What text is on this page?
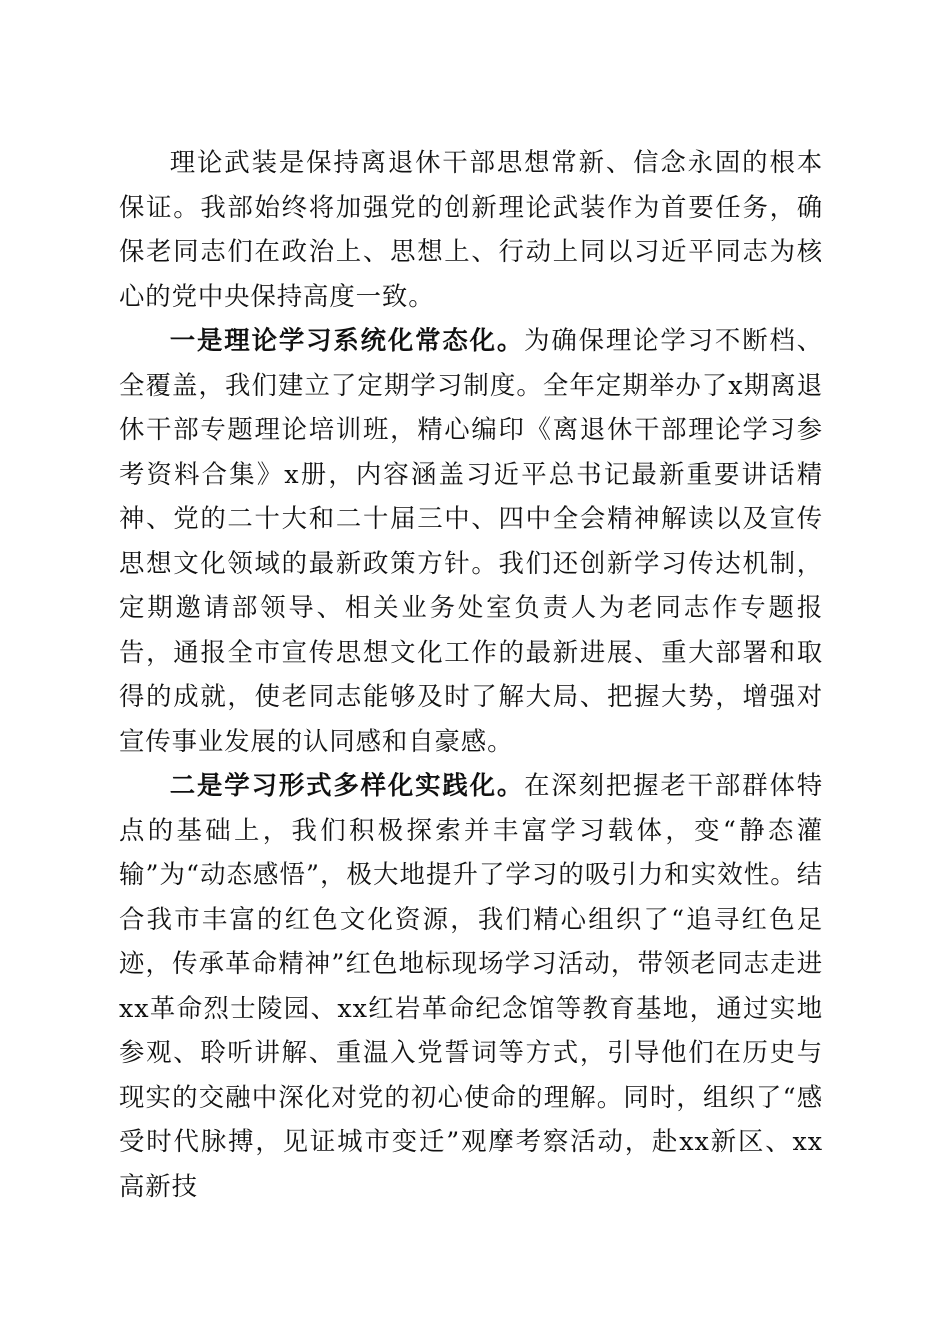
理论武装是保持离退休干部思想常新、信念永固的根本保证。我部始终将加强党的创新理论武装作为首要任务，确保老同志们在政治上、思想上、行动上同以习近平同志为核心的党中央保持高度一致。

一是理论学习系统化常态化。为确保理论学习不断档、全覆盖，我们建立了定期学习制度。全年定期举办了x期离退休干部专题理论培训班，精心编印《离退休干部理论学习参考资料合集》x册，内容涵盖习近平总书记最新重要讲话精神、党的二十大和二十届三中、四中全会精神解读以及宣传思想文化领域的最新政策方针。我们还创新学习传达机制，定期邀请部领导、相关业务处室负责人为老同志作专题报告，通报全市宣传思想文化工作的最新进展、重大部署和取得的成就，使老同志能够及时了解大局、把握大势，增强对宣传事业发展的认同感和自豪感。

二是学习形式多样化实践化。在深刻把握老干部群体特点的基础上，我们积极探索并丰富学习载体，变“静态灌输”为“动态感悟”，极大地提升了学习的吸引力和实效性。结合我市丰富的红色文化资源，我们精心组织了“追寻红色足迹，传承革命精神”红色地标现场学习活动，带领老同志走进xx革命烈士陵园、xx红岩革命纪念馆等教育基地，通过实地参观、聆听讲解、重温入党誓词等方式，引导他们在历史与现实的交融中深化对党的初心使命的理解。同时，组织了“感受时代脉搏，见证城市变迁”观摩考察活动，赴xx新区、xx高新技
